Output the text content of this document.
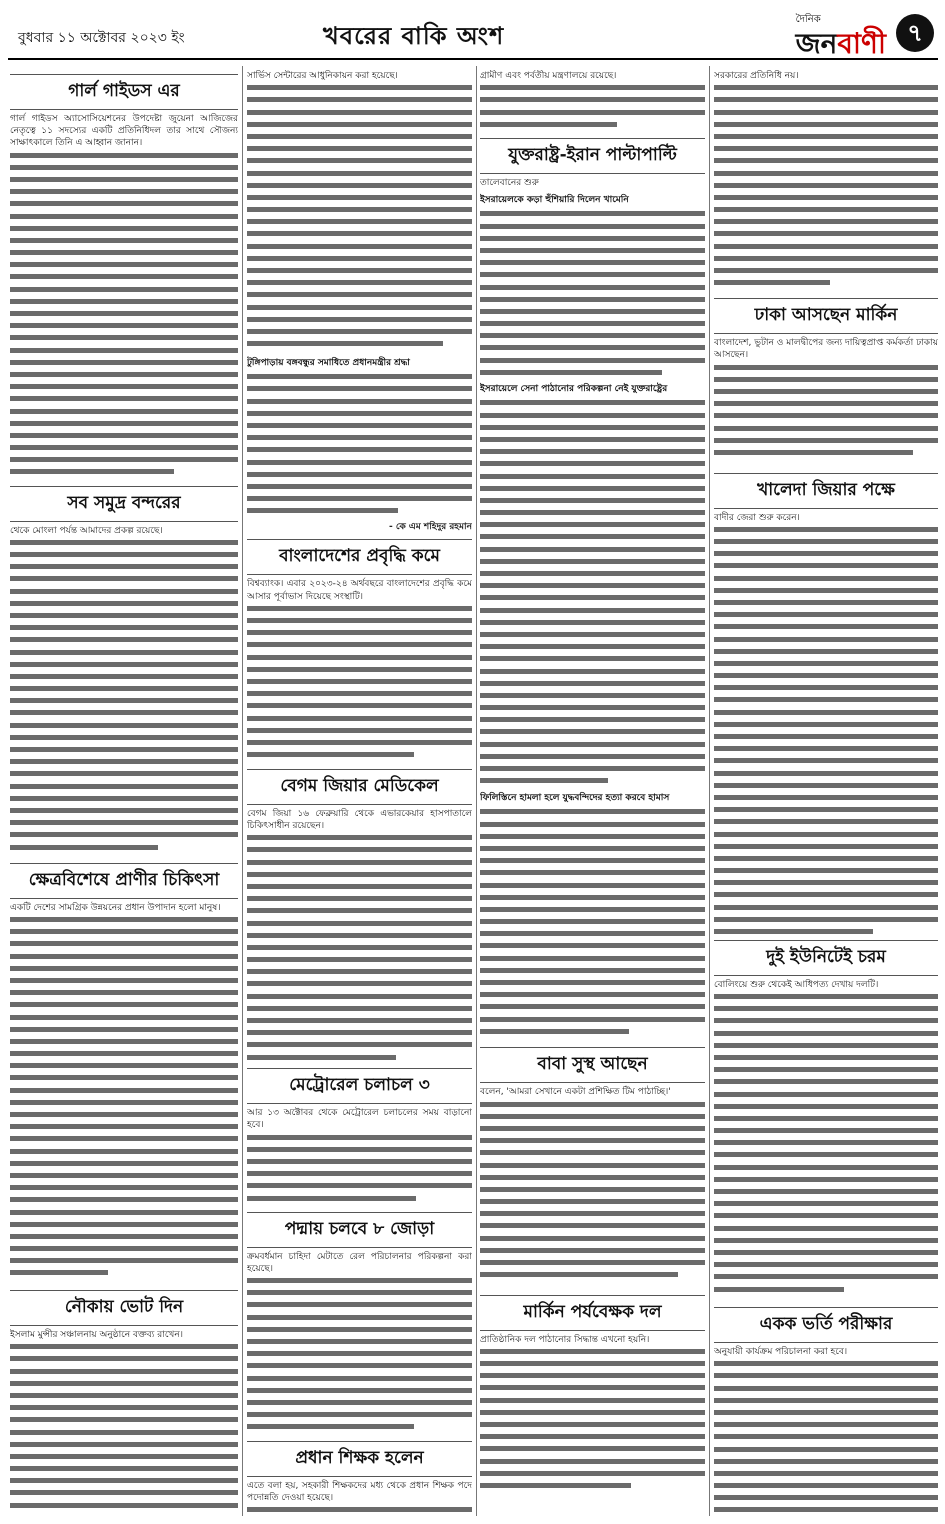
বুধবার ১১ অক্টোবর ২০২৩ ইং	খবরের বাকি অংশ
দৈনিক
জনবাণী ৭
গার্ল গাইডস এর

গার্ল গাইডস অ্যাসোসিয়েশনের উপদেষ্টা জুয়েনা আজিজের নেতৃত্বে ১১ সদস্যের একটি প্রতিনিধিদল তার সাথে সৌজন্য সাক্ষাৎকালে তিনি এ আহ্বান জানান।

সব সমুদ্র বন্দরের

থেকে মোংলা পর্যন্ত আমাদের প্রকল্প রয়েছে।

ক্ষেত্রবিশেষে প্রাণীর চিকিৎসা

একটি দেশের সামগ্রিক উন্নয়নের প্রধান উপাদান হলো মানুষ।

নৌকায় ভোট দিন

ইসলাম মুন্সীর সঞ্চালনায় অনুষ্ঠানে বক্তব্য রাখেন।

সার্ভিস সেন্টারের আধুনিকায়ন করা হয়েছে।

টুঙ্গিপাড়ায় বঙ্গবন্ধুর সমাধিতে প্রধানমন্ত্রীর শ্রদ্ধা

- কে এম শহিদুর রহমান

বাংলাদেশের প্রবৃদ্ধি কমে

বিশ্বব্যাংক। এবার ২০২৩-২৪ অর্থবছরে বাংলাদেশের প্রবৃদ্ধি কমে আসার পূর্বাভাস দিয়েছে সংস্থাটি।

বেগম জিয়ার মেডিকেল

বেগম জিয়া ১৬ ফেব্রুয়ারি থেকে এভারকেয়ার হাসপাতালে চিকিৎসাধীন রয়েছেন।

মেট্রোরেল চলাচল ৩

আর ১৩ অক্টোবর থেকে মেট্রোরেল চলাচলের সময় বাড়ানো হবে।

পদ্মায় চলবে ৮ জোড়া

ক্রমবর্ধমান চাহিদা মেটাতে রেল পরিচালনার পরিকল্পনা করা হয়েছে।

প্রধান শিক্ষক হলেন

এতে বলা হয়, সহকারী শিক্ষকদের মধ্য থেকে প্রধান শিক্ষক পদে পদোন্নতি দেওয়া হয়েছে।

গ্রামীণ এবং পর্বতীয় মন্ত্রণালয়ে রয়েছে।

যুক্তরাষ্ট্র-ইরান পাল্টাপাল্টি

তালেবানের শুরু

ইসরায়েলকে কড়া হুঁশিয়ারি দিলেন খামেনি
ইসরায়েলে সেনা পাঠানোর পরিকল্পনা নেই যুক্তরাষ্ট্রের
ফিলিস্তিনে হামলা হলে যুদ্ধবন্দিদের হত্যা করবে হামাস
বাবা সুস্থ আছেন

বলেন, 'আমরা সেখানে একটা প্রশিক্ষিত টিম পাঠাচ্ছি।'

মার্কিন পর্যবেক্ষক দল

প্রাতিষ্ঠানিক দল পাঠানোর সিদ্ধান্ত এখনো হয়নি।

সরকারের প্রতিনিধি নয়।

ঢাকা আসছেন মার্কিন

বাংলাদেশ, ভুটান ও মালদ্বীপের জন্য দায়িত্বপ্রাপ্ত কর্মকর্তা ঢাকায় আসছেন।

খালেদা জিয়ার পক্ষে

বাদীর জেরা শুরু করেন।

দুই ইউনিটেই চরম

বোলিংয়ে শুরু থেকেই আধিপত্য দেখায় দলটি।

একক ভর্তি পরীক্ষার

অনুযায়ী কার্যক্রম পরিচালনা করা হবে।
